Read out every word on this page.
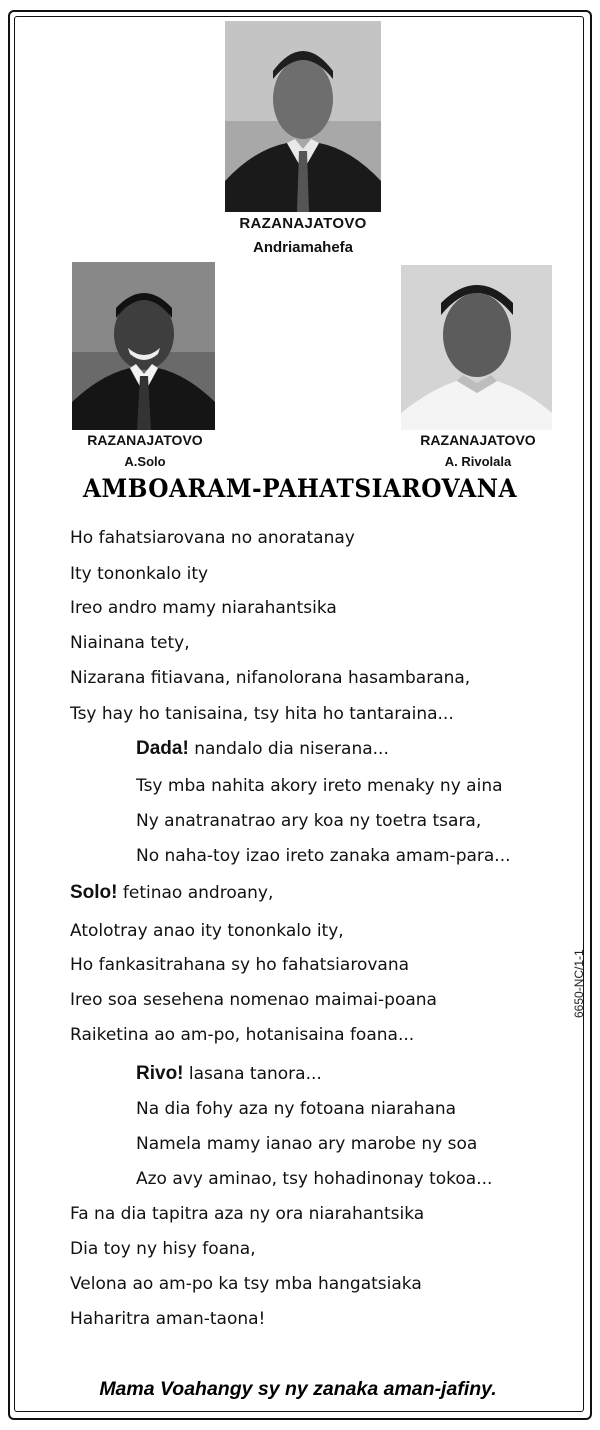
RAZANAJATOVO
Andriamahefa
RAZANAJATOVO
A.Solo
RAZANAJATOVO
A. Rivolala
AMBOARAM-PAHATSIAROVANA
Ho fahatsiarovana no anoratanay
Ity tononkalo ity
Ireo andro mamy niarahantsika
Niainana tety,
Nizarana fitiavana, nifanolorana hasambarana,
Tsy hay ho tanisaina, tsy hita ho tantaraina...
Dada! nandalo dia niserana...
Tsy mba nahita akory ireto menaky ny aina
Ny anatranatrao ary koa ny toetra tsara,
No naha-toy izao ireto zanaka amam-para...
Solo! fetinao androany,
Atolotray anao ity tononkalo ity,
Ho fankasitrahana sy ho fahatsiarovana
Ireo soa sesehena nomenao maimai-poana
Raiketina ao am-po, hotanisaina foana...
Rivo! lasana tanora...
Na dia fohy aza ny fotoana niarahana
Namela mamy ianao ary marobe ny soa
Azo avy aminao, tsy hohadinonay tokoa...
Fa na dia tapitra aza ny ora niarahantsika
Dia toy ny hisy foana,
Velona ao am-po ka tsy mba hangatsiaka
Haharitra aman-taona!
6650-NC/1-1
Mama Voahangy sy ny zanaka aman-jafiny.
